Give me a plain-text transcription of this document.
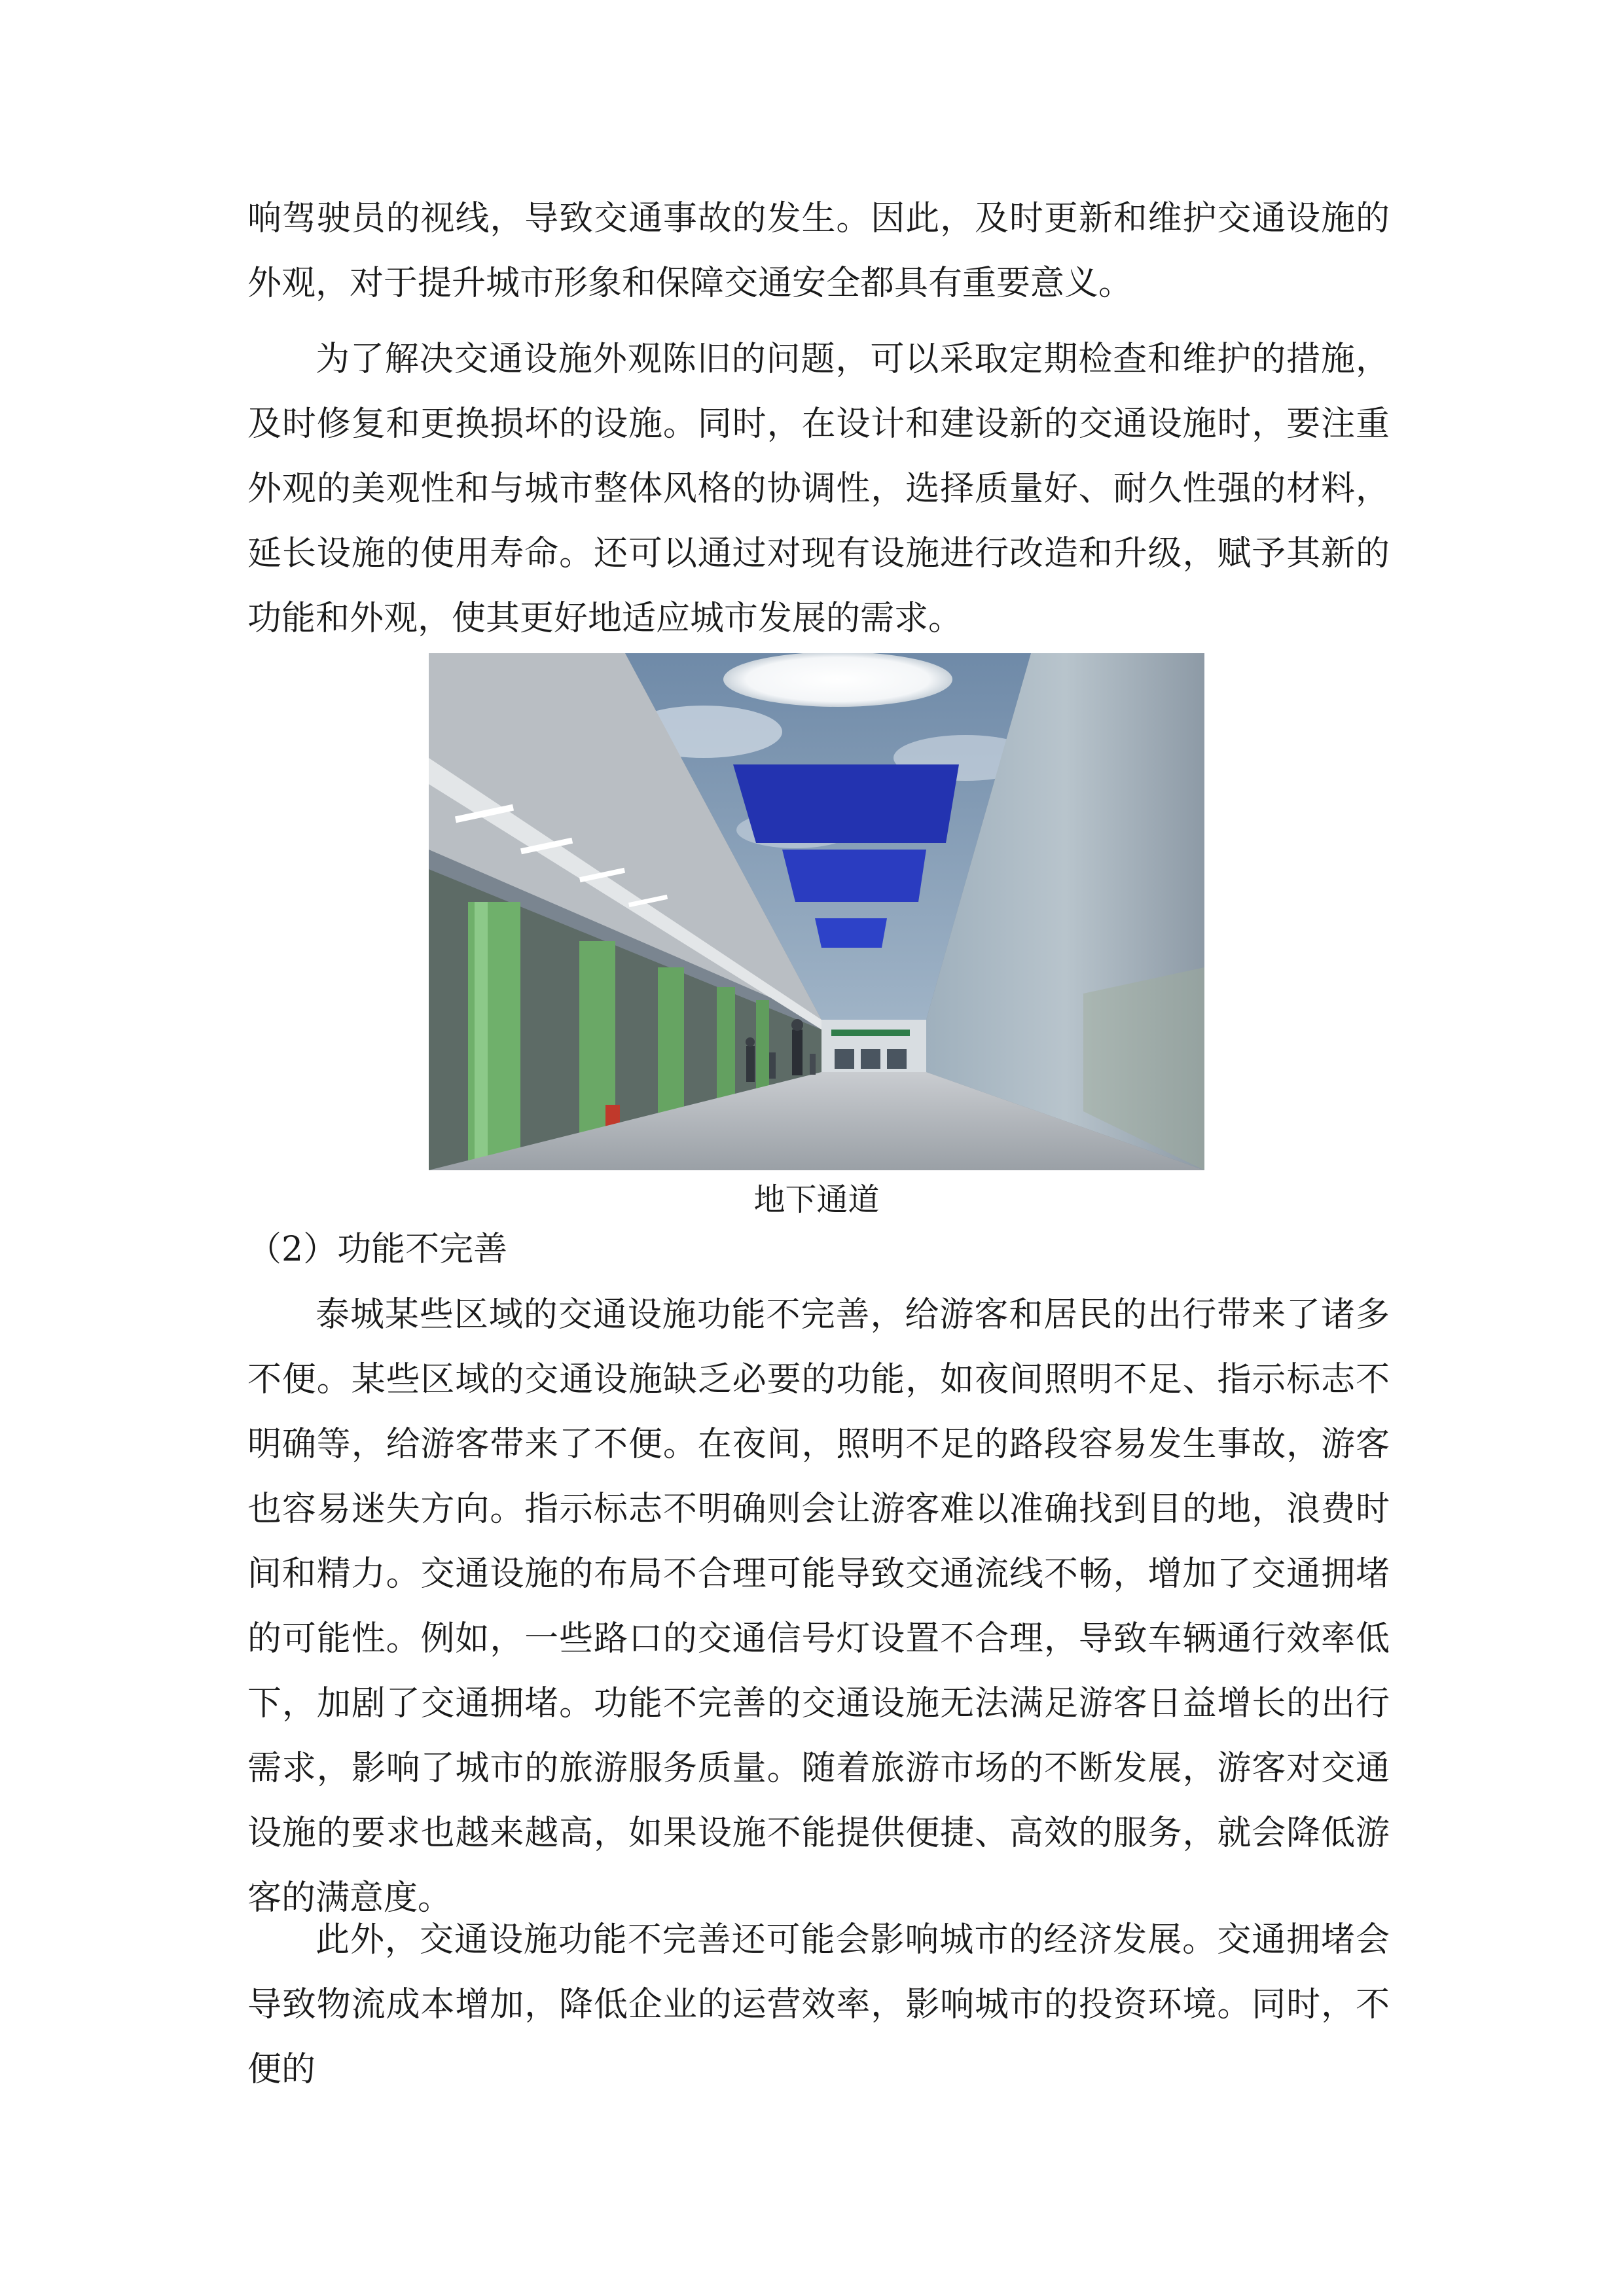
响驾驶员的视线，导致交通事故的发生。因此，及时更新和维护交通设施的外观，对于提升城市形象和保障交通安全都具有重要意义。

为了解决交通设施外观陈旧的问题，可以采取定期检查和维护的措施，及时修复和更换损坏的设施。同时，在设计和建设新的交通设施时，要注重外观的美观性和与城市整体风格的协调性，选择质量好、耐久性强的材料，延长设施的使用寿命。还可以通过对现有设施进行改造和升级，赋予其新的功能和外观，使其更好地适应城市发展的需求。

地下通道
（2）功能不完善

泰城某些区域的交通设施功能不完善，给游客和居民的出行带来了诸多不便。某些区域的交通设施缺乏必要的功能，如夜间照明不足、指示标志不明确等，给游客带来了不便。在夜间，照明不足的路段容易发生事故，游客也容易迷失方向。指示标志不明确则会让游客难以准确找到目的地，浪费时间和精力。交通设施的布局不合理可能导致交通流线不畅，增加了交通拥堵的可能性。例如，一些路口的交通信号灯设置不合理，导致车辆通行效率低下，加剧了交通拥堵。功能不完善的交通设施无法满足游客日益增长的出行需求，影响了城市的旅游服务质量。随着旅游市场的不断发展，游客对交通设施的要求也越来越高，如果设施不能提供便捷、高效的服务，就会降低游客的满意度。

此外，交通设施功能不完善还可能会影响城市的经济发展。交通拥堵会导致物流成本增加，降低企业的运营效率，影响城市的投资环境。同时，不便的
